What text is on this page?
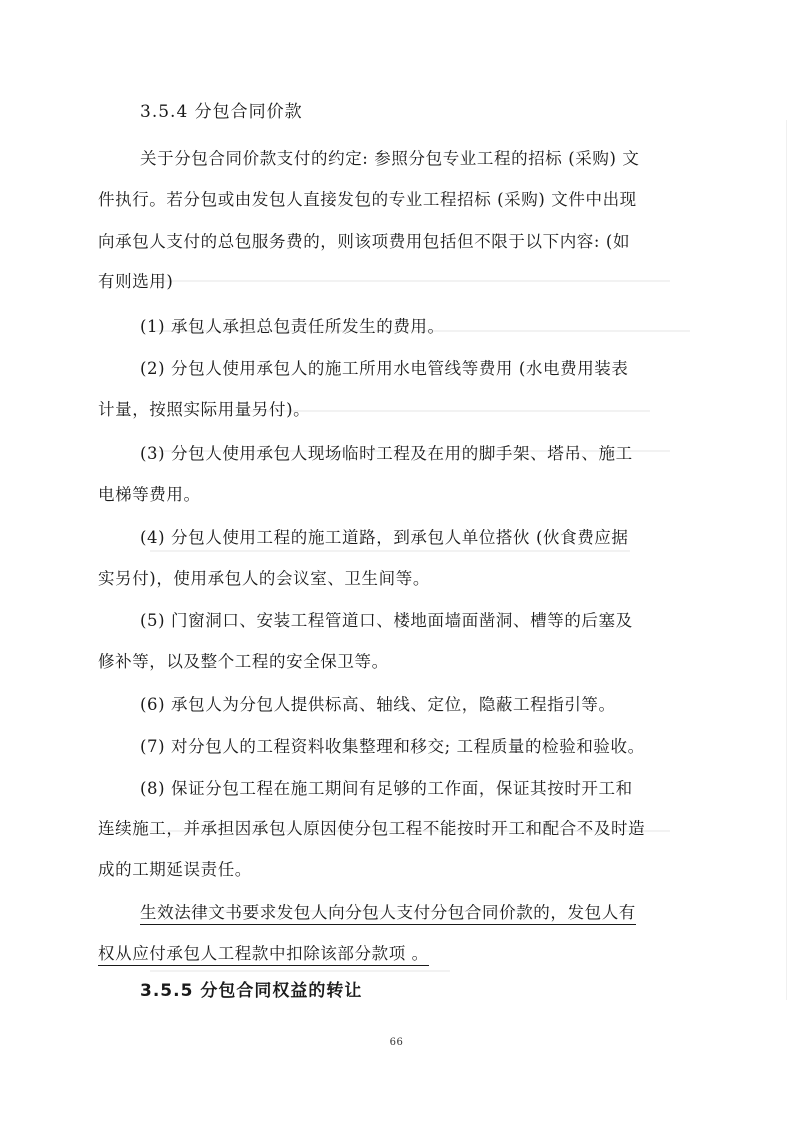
3.5.4 分包合同价款
关于分包合同价款支付的约定: 参照分包专业工程的招标 (采购) 文
件执行。若分包或由发包人直接发包的专业工程招标 (采购) 文件中出现
向承包人支付的总包服务费的，则该项费用包括但不限于以下内容: (如
有则选用)
(1) 承包人承担总包责任所发生的费用。
(2) 分包人使用承包人的施工所用水电管线等费用 (水电费用装表
计量，按照实际用量另付)。
(3) 分包人使用承包人现场临时工程及在用的脚手架、塔吊、施工
电梯等费用。
(4) 分包人使用工程的施工道路，到承包人单位搭伙 (伙食费应据
实另付)，使用承包人的会议室、卫生间等。
(5) 门窗洞口、安装工程管道口、楼地面墙面凿洞、槽等的后塞及
修补等，以及整个工程的安全保卫等。
(6) 承包人为分包人提供标高、轴线、定位，隐蔽工程指引等。
(7) 对分包人的工程资料收集整理和移交; 工程质量的检验和验收。
(8) 保证分包工程在施工期间有足够的工作面，保证其按时开工和
连续施工，并承担因承包人原因使分包工程不能按时开工和配合不及时造
成的工期延误责任。
生效法律文书要求发包人向分包人支付分包合同价款的，发包人有
权从应付承包人工程款中扣除该部分款项 。
3.5.5 分包合同权益的转让
66
